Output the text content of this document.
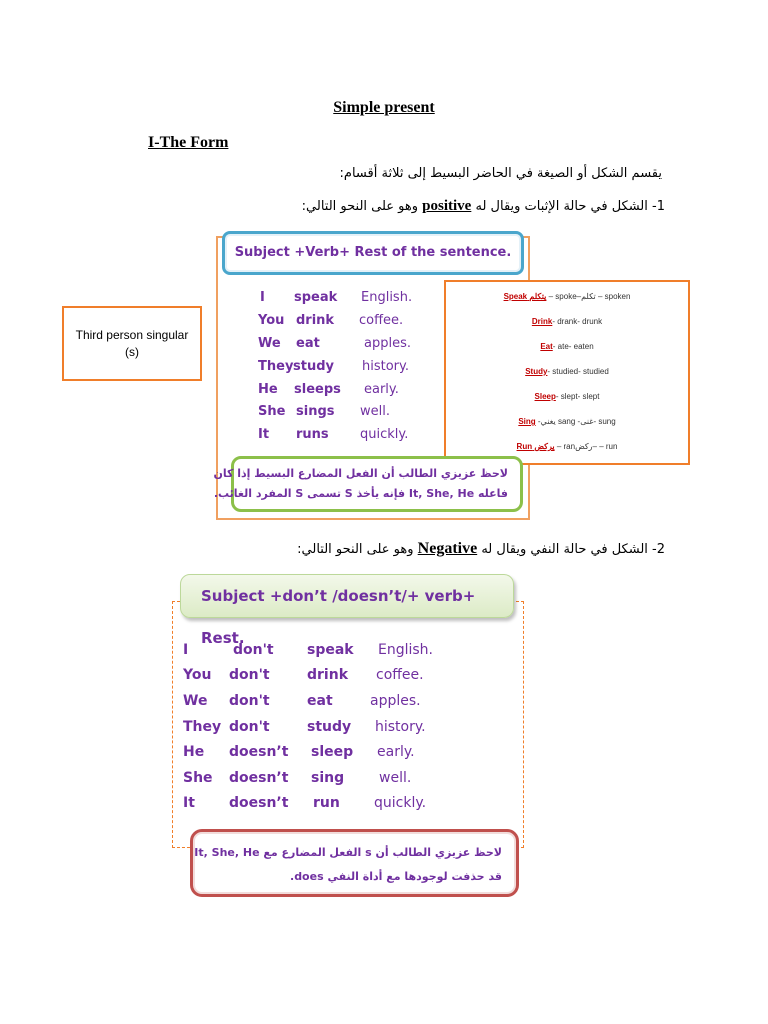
Simple present
I-The Form
يقسم الشكل أو الصيغة في الحاضر البسيط إلى ثلاثة أقسام:
1- الشكل في حالة الإثبات ويقال له positive وهو على النحو التالي:
Subject +Verb+ Rest of the sentence.
I speak English.
You drink coffee.
We eat	apples.
They study history.
He sleeps early.
She sings well.
It runs quickly.
Third person singular (s)
Speak يتكلم – spoke–تكلم – spoken
Drink- drank- drunk
Eat- ate- eaten
Study- studied- studied
Sleep- slept- slept
Sing -يغني sang -غنى- sung
Run يركض – ranركض– – run
لاحظ عزيزي الطالب أن الفعل المضارع البسيط إذا كان
فاعله It, She, He فإنه يأخذ S تسمى S المفرد الغائب.
2- الشكل في حالة النفي ويقال له Negative وهو على النحو التالي:
Subject +don’t /doesn’t/+ verb+ Rest.
I	don't speak English.
You don't	drink coffee.
We don't	eat	apples.
They don't	study history.
He doesn’t sleep early.
She doesn’t sing well.
It doesn’t run quickly.
لاحظ عزيزي الطالب أن s الفعل المضارع مع It, She, He
قد حذفت لوجودها مع أداة النفي does.
